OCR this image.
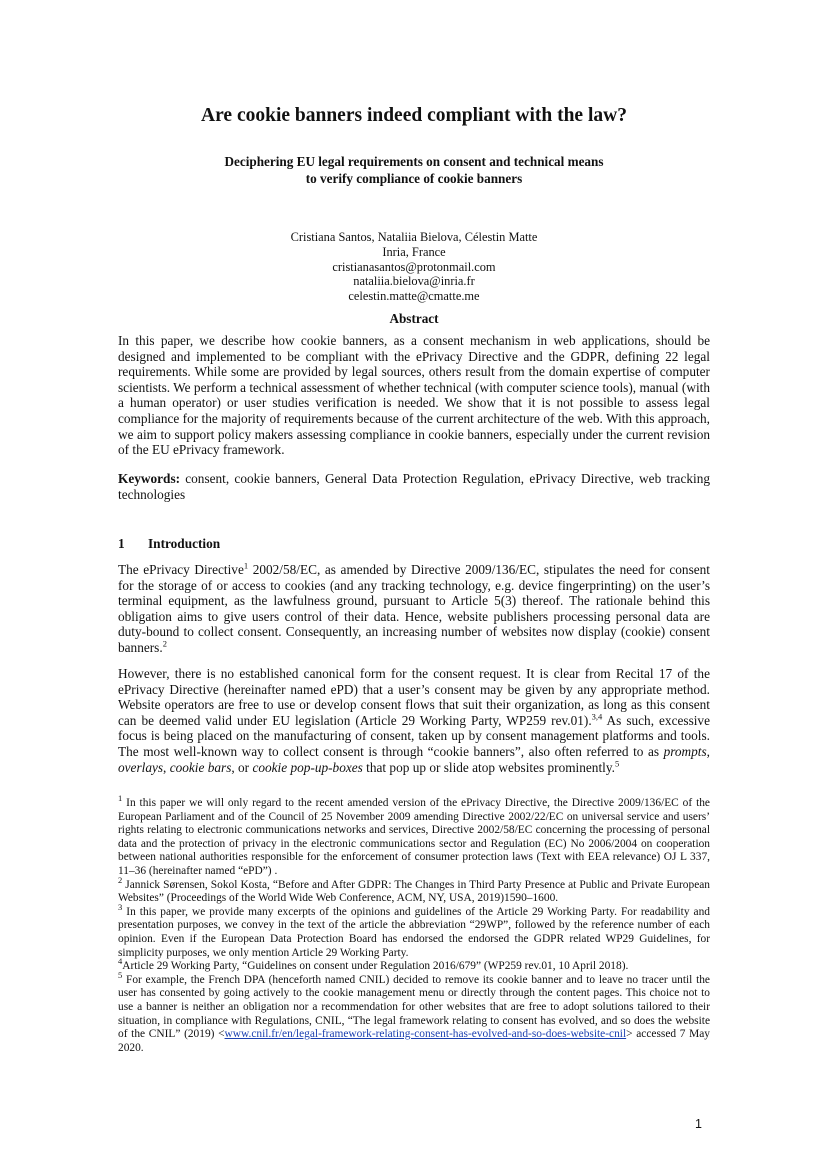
Are cookie banners indeed compliant with the law?
Deciphering EU legal requirements on consent and technical means
to verify compliance of cookie banners
Cristiana Santos, Nataliia Bielova, Célestin Matte
Inria, France
cristianasantos@protonmail.com
nataliia.bielova@inria.fr
celestin.matte@cmatte.me
Abstract

In this paper, we describe how cookie banners, as a consent mechanism in web applications, should be designed and implemented to be compliant with the ePrivacy Directive and the GDPR, defining 22 legal requirements. While some are provided by legal sources, others result from the domain expertise of computer scientists. We perform a technical assessment of whether technical (with computer science tools), manual (with a human operator) or user studies verification is needed. We show that it is not possible to assess legal compliance for the majority of requirements because of the current architecture of the web. With this approach, we aim to support policy makers assessing compliance in cookie banners, especially under the current revision of the EU ePrivacy framework.

Keywords: consent, cookie banners, General Data Protection Regulation, ePrivacy Directive, web tracking technologies

1 Introduction

The ePrivacy Directive$^1$ 2002/58/EC, as amended by Directive 2009/136/EC, stipulates the need for consent for the storage of or access to cookies (and any tracking technology, e.g. device fingerprinting) on the user’s terminal equipment, as the lawfulness ground, pursuant to Article 5(3) thereof. The rationale behind this obligation aims to give users control of their data. Hence, website publishers processing personal data are duty-bound to collect consent. Consequently, an increasing number of websites now display (cookie) consent banners.$^2$

However, there is no established canonical form for the consent request. It is clear from Recital 17 of the ePrivacy Directive (hereinafter named ePD) that a user’s consent may be given by any appropriate method. Website operators are free to use or develop consent flows that suit their organization, as long as this consent can be deemed valid under EU legislation (Article 29 Working Party, WP259 rev.01).$^{3,4}$ As such, excessive focus is being placed on the manufacturing of consent, taken up by consent management platforms and tools. The most well-known way to collect consent is through “cookie banners”, also often referred to as prompts, overlays, cookie bars, or cookie pop-up-boxes that pop up or slide atop websites prominently.$^5$

$^1$ In this paper we will only regard to the recent amended version of the ePrivacy Directive, the Directive 2009/136/EC of the European Parliament and of the Council of 25 November 2009 amending Directive 2002/22/EC on universal service and users’ rights relating to electronic communications networks and services, Directive 2002/58/EC concerning the processing of personal data and the protection of privacy in the electronic communications sector and Regulation (EC) No 2006/2004 on cooperation between national authorities responsible for the enforcement of consumer protection laws (Text with EEA relevance) OJ L 337, 11–36 (hereinafter named “ePD”) .

$^2$ Jannick Sørensen, Sokol Kosta, “Before and After GDPR: The Changes in Third Party Presence at Public and Private European Websites” (Proceedings of the World Wide Web Conference, ACM, NY, USA, 2019)1590–1600.

$^3$ In this paper, we provide many excerpts of the opinions and guidelines of the Article 29 Working Party. For readability and presentation purposes, we convey in the text of the article the abbreviation “29WP”, followed by the reference number of each opinion. Even if the European Data Protection Board has endorsed the endorsed the GDPR related WP29 Guidelines, for simplicity purposes, we only mention Article 29 Working Party.

$^4$Article 29 Working Party, “Guidelines on consent under Regulation 2016/679” (WP259 rev.01, 10 April 2018).

$^5$ For example, the French DPA (henceforth named CNIL) decided to remove its cookie banner and to leave no tracer until the user has consented by going actively to the cookie management menu or directly through the content pages. This choice not to use a banner is neither an obligation nor a recommendation for other websites that are free to adopt solutions tailored to their situation, in compliance with Regulations, CNIL, “The legal framework relating to consent has evolved, and so does the website of the CNIL” (2019) <www.cnil.fr/en/legal-framework-relating-consent-has-evolved-and-so-does-website-cnil> accessed 7 May 2020.

1
